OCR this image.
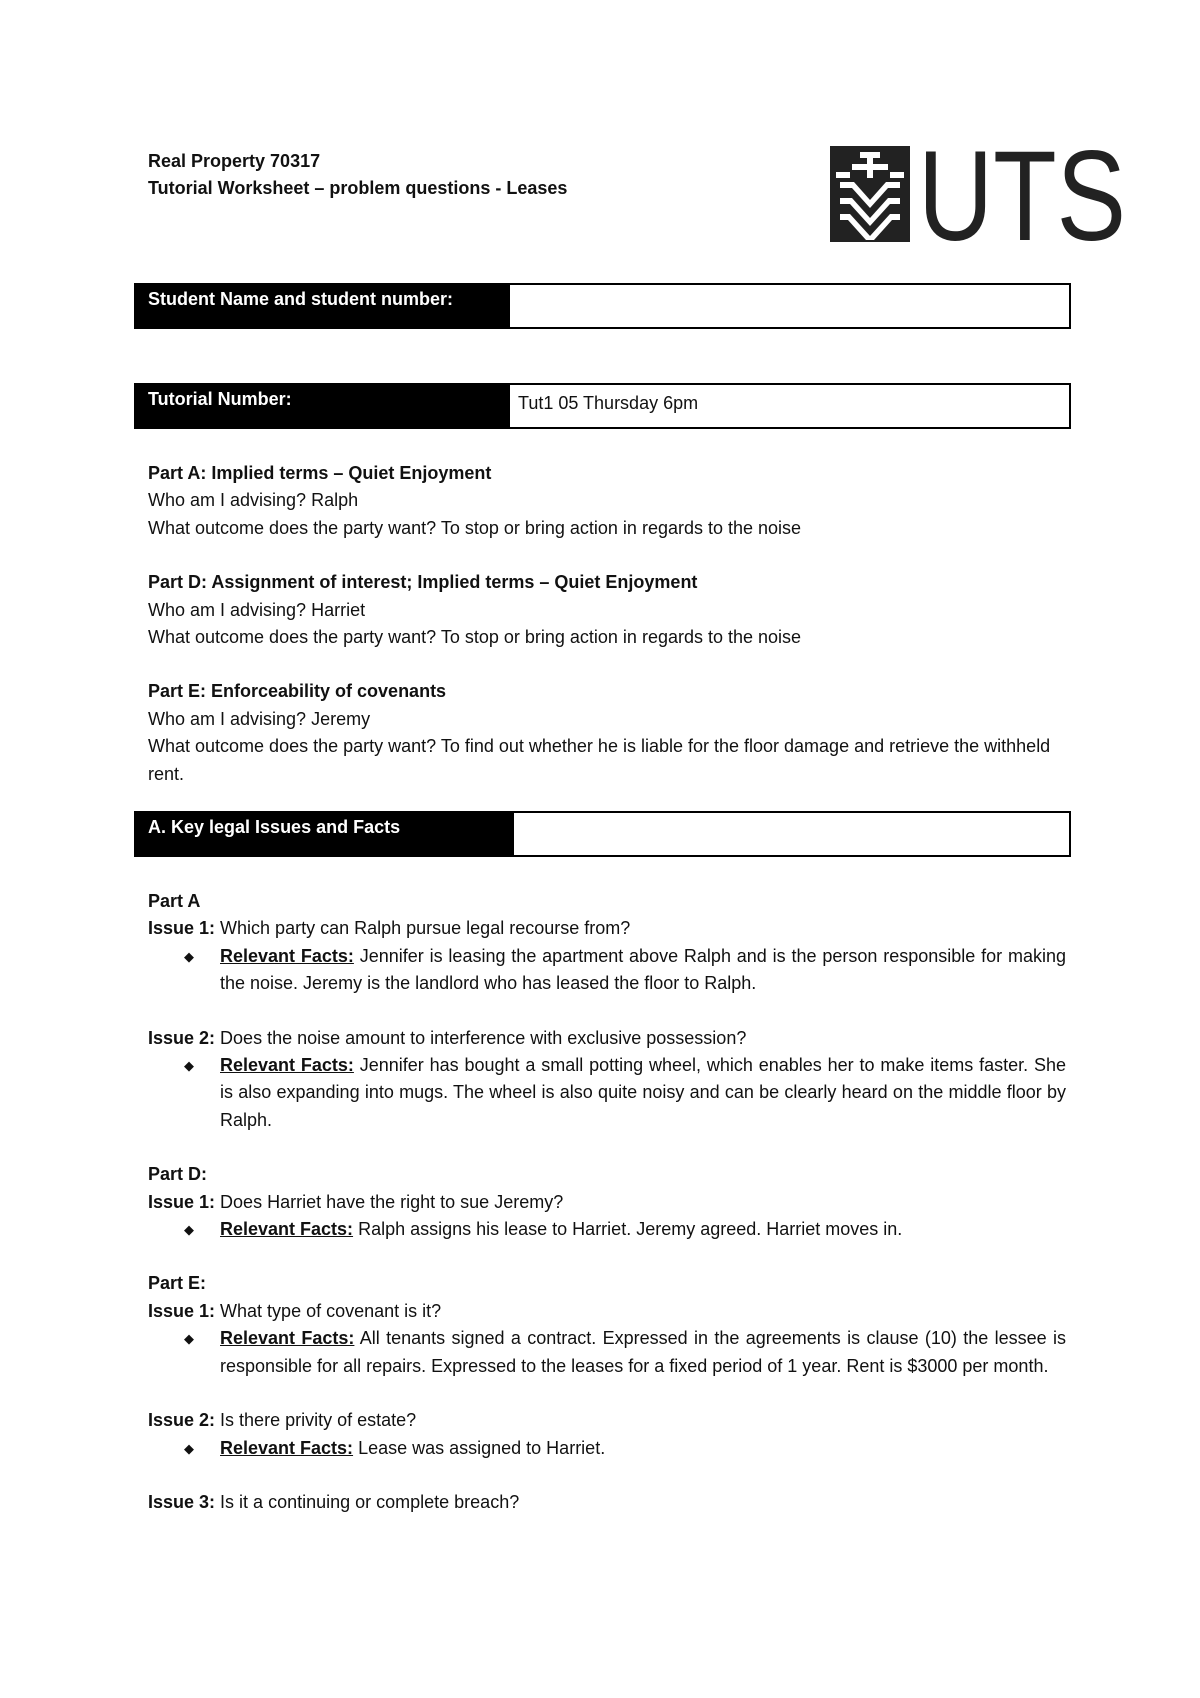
Real Property 70317
Tutorial Worksheet – problem questions - Leases	UTS
Student Name and student number:
Tutorial Number:	Tut1 05 Thursday 6pm

Part A: Implied terms – Quiet Enjoyment

Who am I advising? Ralph

What outcome does the party want? To stop or bring action in regards to the noise

Part D: Assignment of interest; Implied terms – Quiet Enjoyment

Who am I advising? Harriet

What outcome does the party want? To stop or bring action in regards to the noise

Part E: Enforceability of covenants

Who am I advising? Jeremy

What outcome does the party want? To find out whether he is liable for the floor damage and retrieve the withheld rent.

A. Key legal Issues and Facts

Part A

Issue 1: Which party can Ralph pursue legal recourse from?

◆ Relevant Facts: Jennifer is leasing the apartment above Ralph and is the person responsible for making the noise. Jeremy is the landlord who has leased the floor to Ralph.

Issue 2: Does the noise amount to interference with exclusive possession?

◆ Relevant Facts: Jennifer has bought a small potting wheel, which enables her to make items faster. She is also expanding into mugs. The wheel is also quite noisy and can be clearly heard on the middle floor by Ralph.

Part D:

Issue 1: Does Harriet have the right to sue Jeremy?

◆ Relevant Facts: Ralph assigns his lease to Harriet. Jeremy agreed. Harriet moves in.

Part E:

Issue 1: What type of covenant is it?

◆ Relevant Facts: All tenants signed a contract. Expressed in the agreements is clause (10) the lessee is responsible for all repairs. Expressed to the leases for a fixed period of 1 year. Rent is $3000 per month.

Issue 2: Is there privity of estate?

◆ Relevant Facts: Lease was assigned to Harriet.

Issue 3: Is it a continuing or complete breach?
